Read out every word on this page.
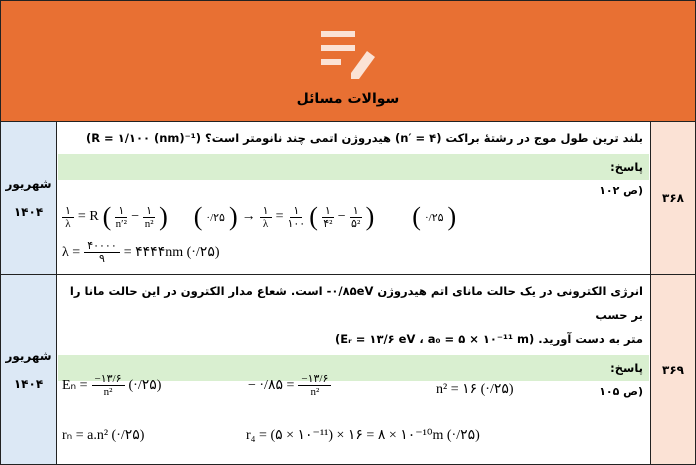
سوالات مسائل
شهریور
۱۴۰۴
بلند ترین طول موج در رشتهٔ براکت (n′ = ۴) هیدروژن اتمی چند نانومتر است؟ (R = ۱/۱۰۰ (nm)⁻¹)
پاسخ:
(ص ۱۰۲
$\frac{۱}{\lambda} = R$ ( $\frac{۱}{\text{n′²}} - \frac{۱}{\text{n²}}$ ) ( ·/۲۵ ) → $\frac{۱}{\lambda} = \frac{۱}{۱۰۰}$ ( $\frac{۱}{\text{۴²}} - \frac{۱}{\text{۵²}}$ ) ( ·/۲۵ )
$\lambda = \frac{۴۰۰۰۰}{۹}$ = ۴۴۴۴nm (·/۲۵)
۳۶۸
شهریور
۱۴۰۴
انرژی الکترونی در یک حالت مانای اتم هیدروژن ‎-۰/۸۵eV‎ است. شعاع مدار الکترون در این حالت مانا را بر حسب
متر به دست آورید. (Eᵣ = ۱۳/۶ eV ، a₀ = ۵ × ۱۰⁻¹¹ m)
پاسخ:
(ص ۱۰۵
$E_n = \frac{-۱۳/۶}{\text{n²}}$ (·/۲۵)	− ·/۸۵ = $\frac{-۱۳/۶}{\text{n²}}$	n² = ۱۶ (·/۲۵)
rₙ = a.n² (·/۲۵)	r₄ = (۵ × ۱۰⁻¹¹) × ۱۶ = ۸ × ۱۰⁻¹⁰m (·/۲۵)
۳۶۹
